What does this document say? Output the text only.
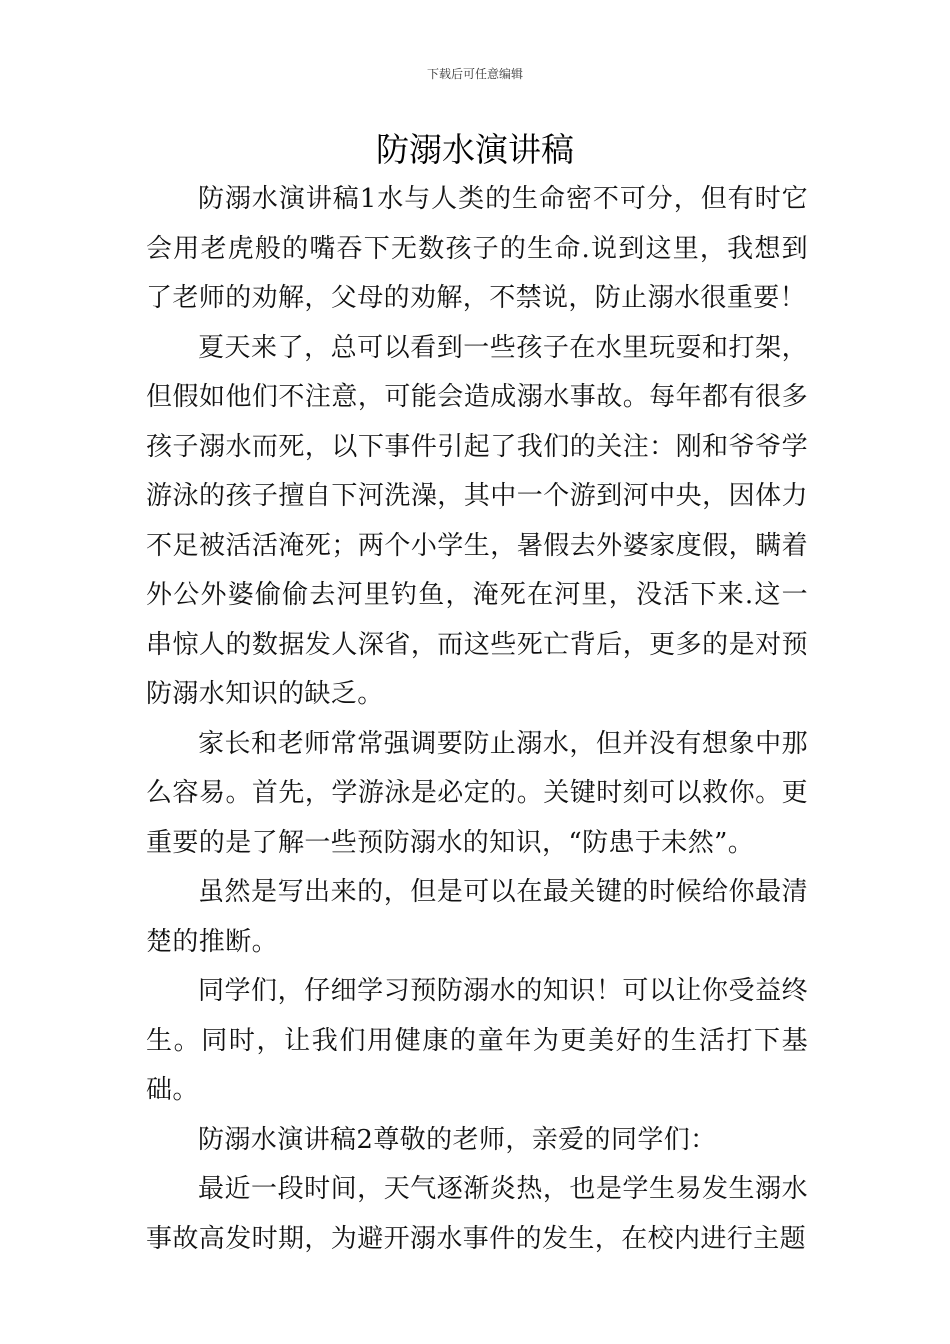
下载后可任意编辑
防溺水演讲稿

防溺水演讲稿1水与人类的生命密不可分，但有时它会用老虎般的嘴吞下无数孩子的生命.说到这里，我想到了老师的劝解，父母的劝解，不禁说，防止溺水很重要！

夏天来了，总可以看到一些孩子在水里玩耍和打架，但假如他们不注意，可能会造成溺水事故。每年都有很多孩子溺水而死，以下事件引起了我们的关注：刚和爷爷学游泳的孩子擅自下河洗澡，其中一个游到河中央，因体力不足被活活淹死；两个小学生，暑假去外婆家度假，瞒着外公外婆偷偷去河里钓鱼，淹死在河里，没活下来.这一串惊人的数据发人深省，而这些死亡背后，更多的是对预防溺水知识的缺乏。

家长和老师常常强调要防止溺水，但并没有想象中那么容易。首先，学游泳是必定的。关键时刻可以救你。更重要的是了解一些预防溺水的知识，“防患于未然”。

虽然是写出来的，但是可以在最关键的时候给你最清楚的推断。

同学们，仔细学习预防溺水的知识！可以让你受益终生。同时，让我们用健康的童年为更美好的生活打下基础。

防溺水演讲稿2尊敬的老师，亲爱的同学们：

最近一段时间，天气逐渐炎热，也是学生易发生溺水事故高发时期，为避开溺水事件的发生，在校内进行主题
